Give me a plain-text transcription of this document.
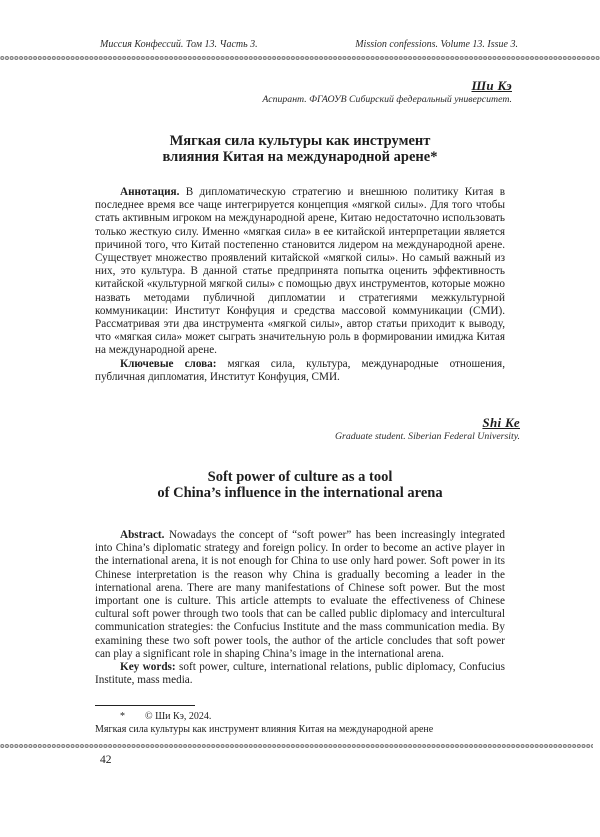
Миссия Конфессий. Том 13. Часть 3.	Mission confessions. Volume 13. Issue 3.
Ши Кэ
Аспирант. ФГАОУВ Сибирский федеральный университет.
Мягкая сила культуры как инструмент
влияния Китая на международной арене*

Аннотация. В дипломатическую стратегию и внешнюю политику Китая в последнее время все чаще интегрируется концепция «мягкой силы». Для того чтобы стать активным игроком на международной арене, Китаю недостаточно использовать только жесткую силу. Именно «мягкая сила» в ее китайской интерпретации является причиной того, что Китай постепенно становится лидером на международной арене. Существует множество проявлений китайской «мягкой силы». Но самый важный из них, это культура. В данной статье предпринята попытка оценить эффективность китайской «культурной мягкой силы» с помощью двух инструментов, которые можно назвать методами публичной дипломатии и стратегиями межкультурной коммуникации: Институт Конфуция и средства массовой коммуникации (СМИ). Рассматривая эти два инструмента «мягкой силы», автор статьи приходит к выводу, что «мягкая сила» может сыграть значительную роль в формировании имиджа Китая на международной арене.

Ключевые слова: мягкая сила, культура, международные отношения, публичная дипломатия, Институт Конфуция, СМИ.

Shi Ke
Graduate student. Siberian Federal University.
Soft power of culture as a tool
of China’s influence in the international arena

Abstract. Nowadays the concept of “soft power” has been increasingly integrated into China’s diplomatic strategy and foreign policy. In order to become an active player in the international arena, it is not enough for China to use only hard power. Soft power in its Chinese interpretation is the reason why China is gradually becoming a leader in the international arena. There are many manifestations of Chinese soft power. But the most important one is culture. This article attempts to evaluate the effectiveness of Chinese cultural soft power through two tools that can be called public diplomacy and intercultural communication strategies: the Confucius Institute and the mass communication media. By examining these two soft power tools, the author of the article concludes that soft power can play a significant role in shaping China’s image in the international arena.

Key words: soft power, culture, international relations, public diplomacy, Confucius Institute, mass media.

* © Ши Кэ, 2024.
Мягкая сила культуры как инструмент влияния Китая на международной арене
42
